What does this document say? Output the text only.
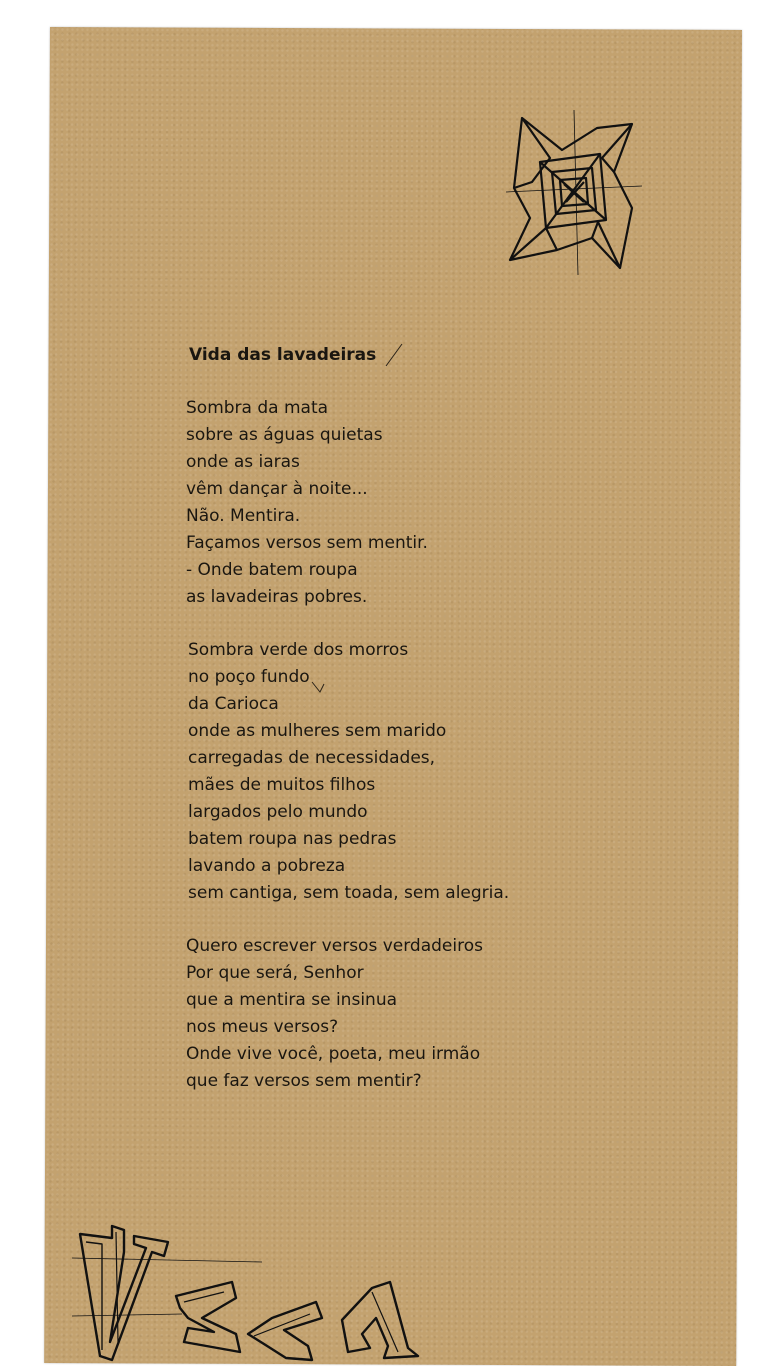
Vida das lavadeiras
Sombra da mata
sobre as águas quietas
onde as iaras
vêm dançar à noite...
Não. Mentira.
Façamos versos sem mentir.
- Onde batem roupa
as lavadeiras pobres.
Sombra verde dos morros
no poço fundo
da Carioca
onde as mulheres sem marido
carregadas de necessidades,
mães de muitos filhos
largados pelo mundo
batem roupa nas pedras
lavando a pobreza
sem cantiga, sem toada, sem alegria.
Quero escrever versos verdadeiros
Por que será, Senhor
que a mentira se insinua
nos meus versos?
Onde vive você, poeta, meu irmão
que faz versos sem mentir?
